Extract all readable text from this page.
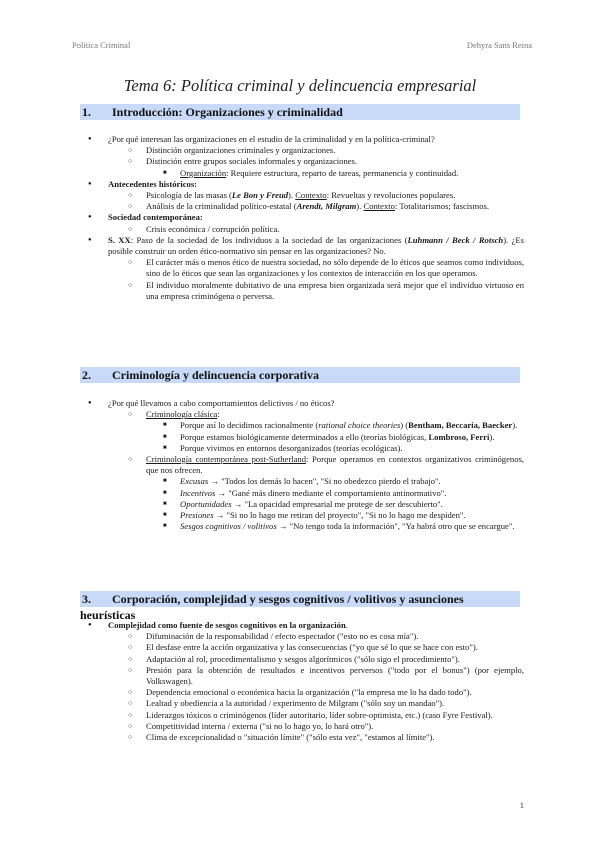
Política Criminal	Dehyra Sans Reina
Tema 6: Política criminal y delincuencia empresarial
1. Introducción: Organizaciones y criminalidad
● ¿Por qué interesan las organizaciones en el estudio de la criminalidad y en la política-criminal?
○ Distinción organizaciones criminales y organizaciones.
○ Distinción entre grupos sociales informales y organizaciones.
■ Organización: Requiere estructura, reparto de tareas, permanencia y continuidad.
● Antecedentes históricos:
○ Psicología de las masas (Le Bon y Freud). Contexto: Revueltas y revoluciones populares.
○ Análisis de la criminalidad político-estatal (Arendt, Milgram). Contexto: Totalitarismos; fascismos.
● Sociedad contemporánea:
○ Crisis económica / corrupción política.
● S. XX: Paso de la sociedad de los individuos a la sociedad de las organizaciones (Luhmann / Beck / Rotsch). ¿Es posible construir un orden ético-normativo sin pensar en las organizaciones? No.
○ El carácter más o menos ético de nuestra sociedad, no sólo depende de lo éticos que seamos como individuos, sino de lo éticos que sean las organizaciones y los contextos de interacción en los que operamos.
○ El individuo moralmente dubitativo de una empresa bien organizada será mejor que el individuo virtuoso en una empresa criminógena o perversa.
2. Criminología y delincuencia corporativa
● ¿Por qué llevamos a cabo comportamientos delictivos / no éticos?
○ Criminología clásica:
■ Porque así lo decidimos racionalmente (rational choice theories) (Bentham, Beccaria, Baecker).
■ Porque estamos biológicamente determinados a ello (teorías biológicas, Lombroso, Ferri).
■ Porque vivimos en entornos desorganizados (teorías ecológicas).
○ Criminología contemporánea post-Sutherland: Porque operamos en contextos organizativos criminógenos, que nos ofrecen.
■ Excusas → "Todos los demás lo hacen", "Si no obedezco pierdo el trabajo".
■ Incentivos → "Gané más dinero mediante el comportamiento antinormativo".
■ Oportunidades → "La opacidad empresarial me protege de ser descubierto".
■ Presiones → "Si no lo hago me retiran del proyecto", "Si no lo hago me despiden".
■ Sesgos cognitivos / volitivos → "No tengo toda la información", "Ya habrá otro que se encargue".
3. Corporación, complejidad y sesgos cognitivos / volitivos y asunciones heurísticas
● Complejidad como fuente de sesgos cognitivos en la organización.
○ Difuminación de la responsabilidad / efecto espectador ("esto no es cosa mía").
○ El desfase entre la acción organizativa y las consecuencias ("yo que sé lo que se hace con esto").
○ Adaptación al rol, procedimentalismo y sesgos algorítmicos ("sólo sigo el procedimiento").
○ Presión para la obtención de resultados e incentivos perversos ("todo por el bonus") (por ejemplo, Volkswagen).
○ Dependencia emocional o económica hacia la organización ("la empresa me lo ha dado todo").
○ Lealtad y obediencia a la autoridad / experimento de Milgram ("sólo soy un mandao").
○ Liderazgos tóxicos o criminógenos (líder autoritario, líder sobre-optimista, etc.) (caso Fyre Festival).
○ Competitividad interna / externa ("si no lo hago yo, lo hará otro").
○ Clima de excepcionalidad o "situación límite" ("sólo esta vez", "estamos al límite").
1
